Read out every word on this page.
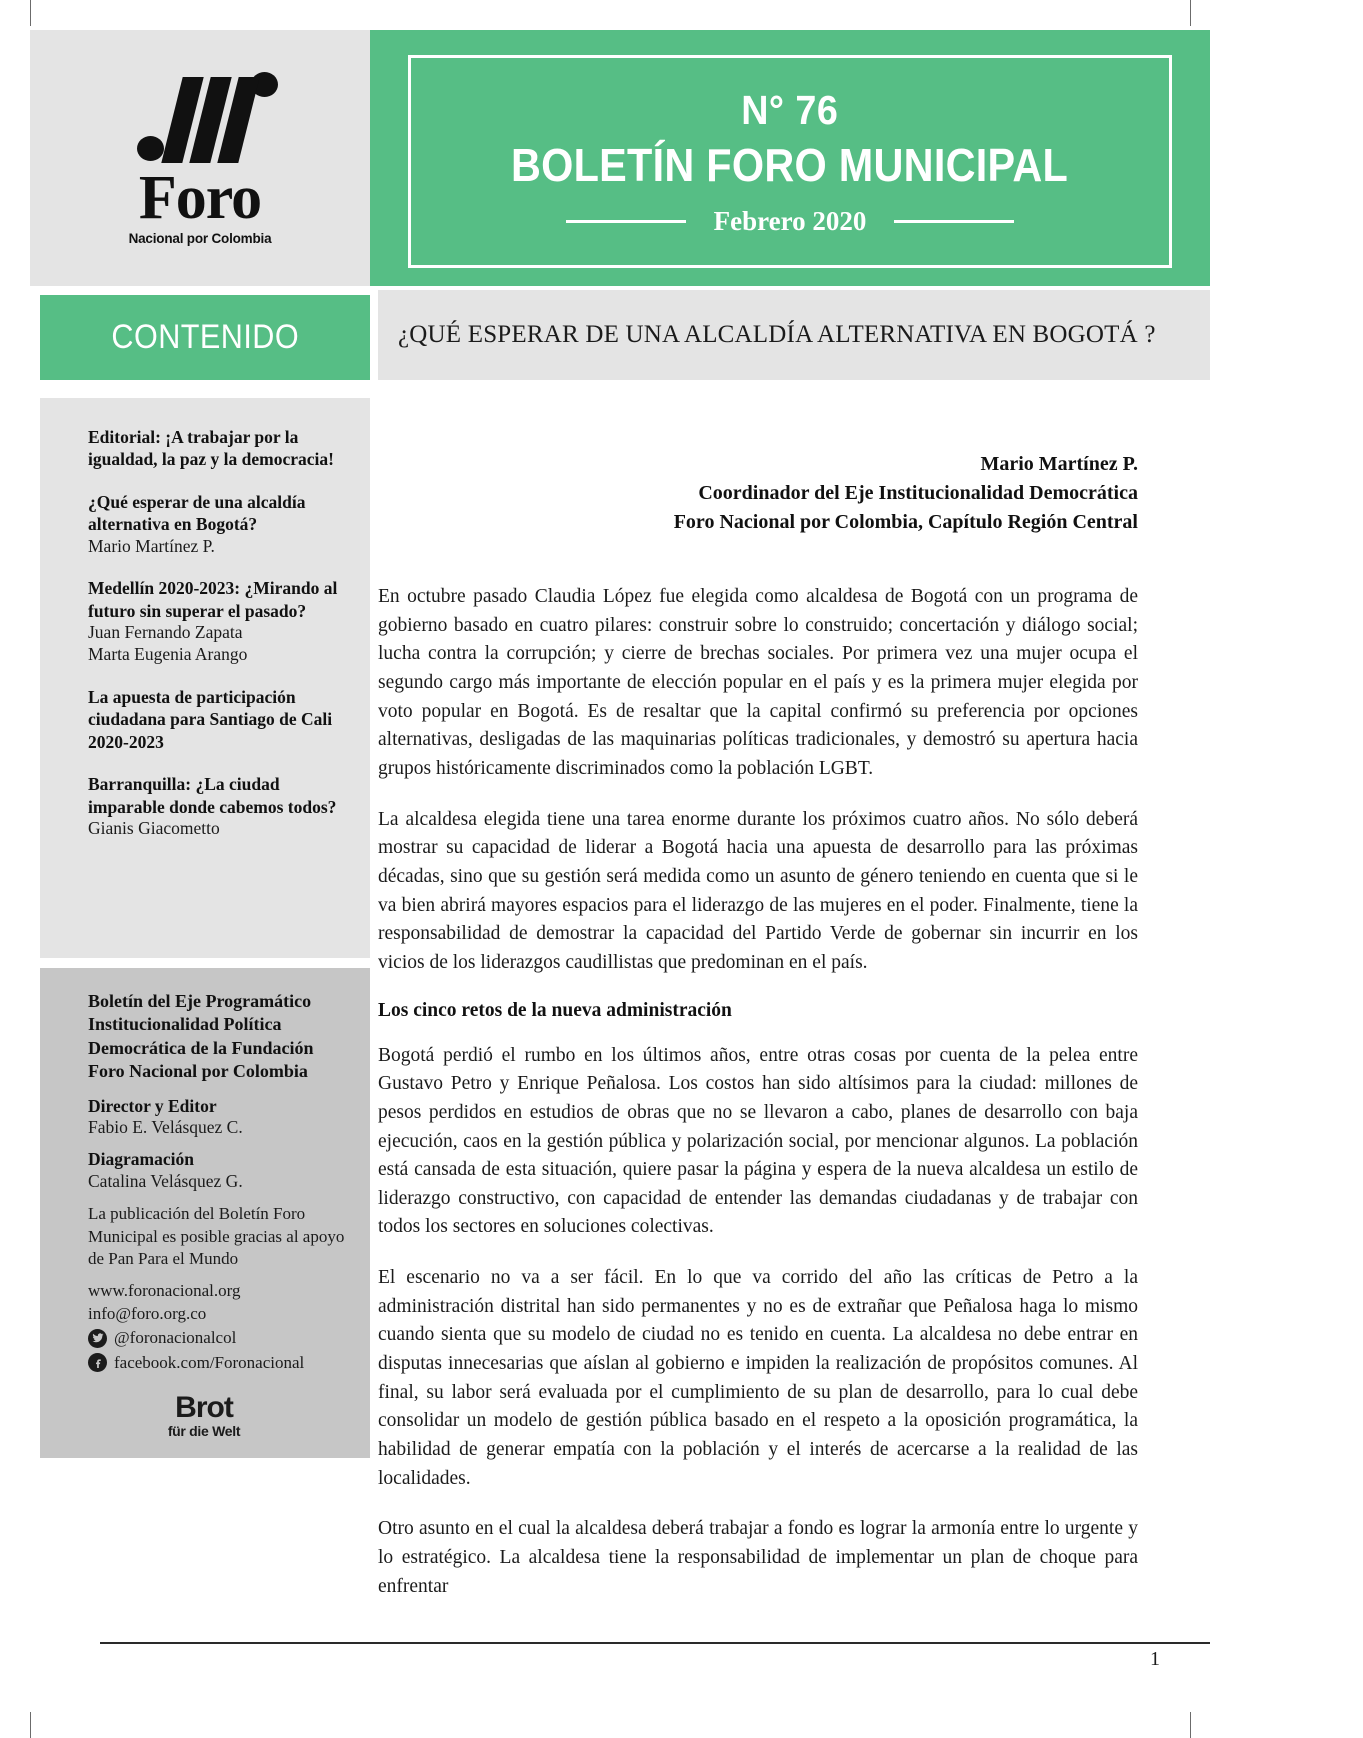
Foro
Nacional por Colombia
N° 76
BOLETÍN FORO MUNICIPAL
Febrero 2020
CONTENIDO	¿QUÉ ESPERAR DE UNA ALCALDÍA ALTERNATIVA EN BOGOTÁ ?
Editorial: ¡A trabajar por la igualdad, la paz y la democracia!
¿Qué esperar de una alcaldía alternativa en Bogotá?
Mario Martínez P.
Medellín 2020-2023: ¿Mirando al futuro sin superar el pasado?
Juan Fernando Zapata
Marta Eugenia Arango
La apuesta de participación ciudadana para Santiago de Cali 2020-2023
Barranquilla: ¿La ciudad imparable donde cabemos todos?
Gianis Giacometto
Boletín del Eje Programático Institucionalidad Política Democrática de la Fundación Foro Nacional por Colombia
Director y Editor
Fabio E. Velásquez C.
Diagramación
Catalina Velásquez G.
La publicación del Boletín Foro Municipal es posible gracias al apoyo de Pan Para el Mundo
www.foronacional.org
info@foro.org.co
@foronacionalcol
facebook.com/Foronacional
Brot
für die Welt
Mario Martínez P.
Coordinador del Eje Institucionalidad Democrática
Foro Nacional por Colombia, Capítulo Región Central

En octubre pasado Claudia López fue elegida como alcaldesa de Bogotá con un programa de gobierno basado en cuatro pilares: construir sobre lo construido; concertación y diálogo social; lucha contra la corrupción; y cierre de brechas sociales. Por primera vez una mujer ocupa el segundo cargo más importante de elección popular en el país y es la primera mujer elegida por voto popular en Bogotá. Es de resaltar que la capital confirmó su preferencia por opciones alternativas, desligadas de las maquinarias políticas tradicionales, y demostró su apertura hacia grupos históricamente discriminados como la población LGBT.

La alcaldesa elegida tiene una tarea enorme durante los próximos cuatro años. No sólo deberá mostrar su capacidad de liderar a Bogotá hacia una apuesta de desarrollo para las próximas décadas, sino que su gestión será medida como un asunto de género teniendo en cuenta que si le va bien abrirá mayores espacios para el liderazgo de las mujeres en el poder. Finalmente, tiene la responsabilidad de demostrar la capacidad del Partido Verde de gobernar sin incurrir en los vicios de los liderazgos caudillistas que predominan en el país.

Los cinco retos de la nueva administración

Bogotá perdió el rumbo en los últimos años, entre otras cosas por cuenta de la pelea entre Gustavo Petro y Enrique Peñalosa. Los costos han sido altísimos para la ciudad: millones de pesos perdidos en estudios de obras que no se llevaron a cabo, planes de desarrollo con baja ejecución, caos en la gestión pública y polarización social, por mencionar algunos. La población está cansada de esta situación, quiere pasar la página y espera de la nueva alcaldesa un estilo de liderazgo constructivo, con capacidad de entender las demandas ciudadanas y de trabajar con todos los sectores en soluciones colectivas.

El escenario no va a ser fácil. En lo que va corrido del año las críticas de Petro a la administración distrital han sido permanentes y no es de extrañar que Peñalosa haga lo mismo cuando sienta que su modelo de ciudad no es tenido en cuenta. La alcaldesa no debe entrar en disputas innecesarias que aíslan al gobierno e impiden la realización de propósitos comunes. Al final, su labor será evaluada por el cumplimiento de su plan de desarrollo, para lo cual debe consolidar un modelo de gestión pública basado en el respeto a la oposición programática, la habilidad de generar empatía con la población y el interés de acercarse a la realidad de las localidades.

Otro asunto en el cual la alcaldesa deberá trabajar a fondo es lograr la armonía entre lo urgente y lo estratégico. La alcaldesa tiene la responsabilidad de implementar un plan de choque para enfrentar

1
